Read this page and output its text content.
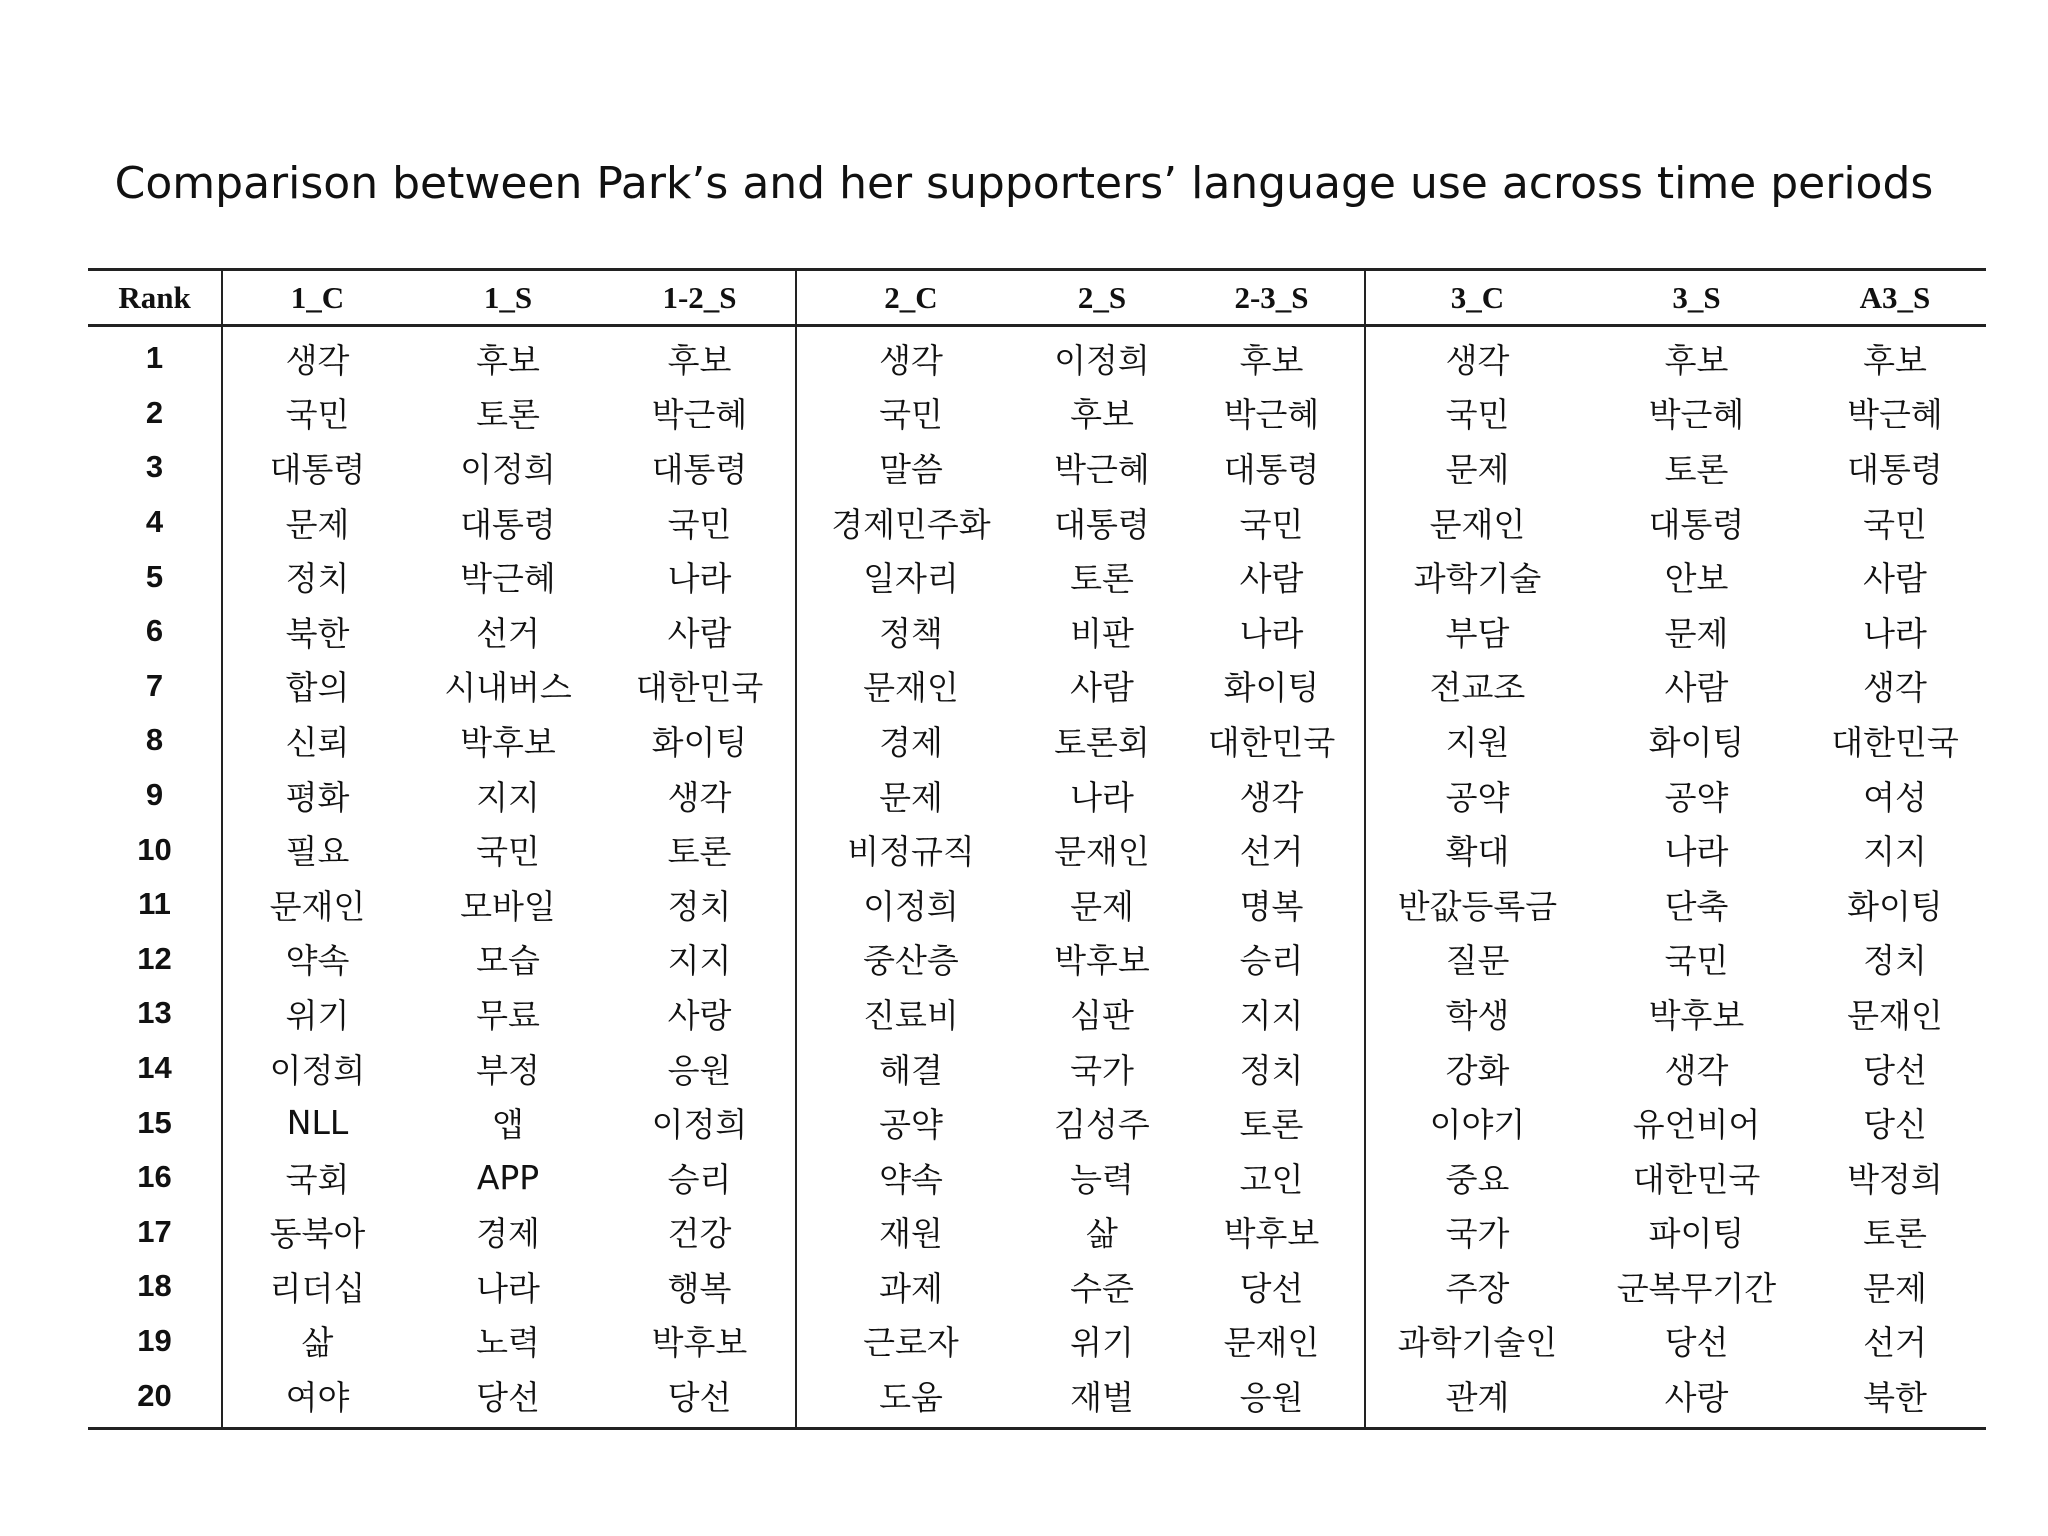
Comparison between Park’s and her supporters’ language use across time periods
Rank	1_C	1_S	1-2_S	2_C	2_S	2-3_S	3_C	3_S	A3_S
1	생각	후보	후보	생각	이정희	후보	생각	후보	후보
2	국민	토론	박근혜	국민	후보	박근혜	국민	박근혜	박근혜
3	대통령	이정희	대통령	말씀	박근혜	대통령	문제	토론	대통령
4	문제	대통령	국민	경제민주화	대통령	국민	문재인	대통령	국민
5	정치	박근혜	나라	일자리	토론	사람	과학기술	안보	사람
6	북한	선거	사람	정책	비판	나라	부담	문제	나라
7	합의	시내버스	대한민국	문재인	사람	화이팅	전교조	사람	생각
8	신뢰	박후보	화이팅	경제	토론회	대한민국	지원	화이팅	대한민국
9	평화	지지	생각	문제	나라	생각	공약	공약	여성
10	필요	국민	토론	비정규직	문재인	선거	확대	나라	지지
11	문재인	모바일	정치	이정희	문제	명복	반값등록금	단축	화이팅
12	약속	모습	지지	중산층	박후보	승리	질문	국민	정치
13	위기	무료	사랑	진료비	심판	지지	학생	박후보	문재인
14	이정희	부정	응원	해결	국가	정치	강화	생각	당선
15	NLL	앱	이정희	공약	김성주	토론	이야기	유언비어	당신
16	국회	APP	승리	약속	능력	고인	중요	대한민국	박정희
17	동북아	경제	건강	재원	삶	박후보	국가	파이팅	토론
18	리더십	나라	행복	과제	수준	당선	주장	군복무기간	문제
19	삶	노력	박후보	근로자	위기	문재인	과학기술인	당선	선거
20	여야	당선	당선	도움	재벌	응원	관계	사랑	북한
